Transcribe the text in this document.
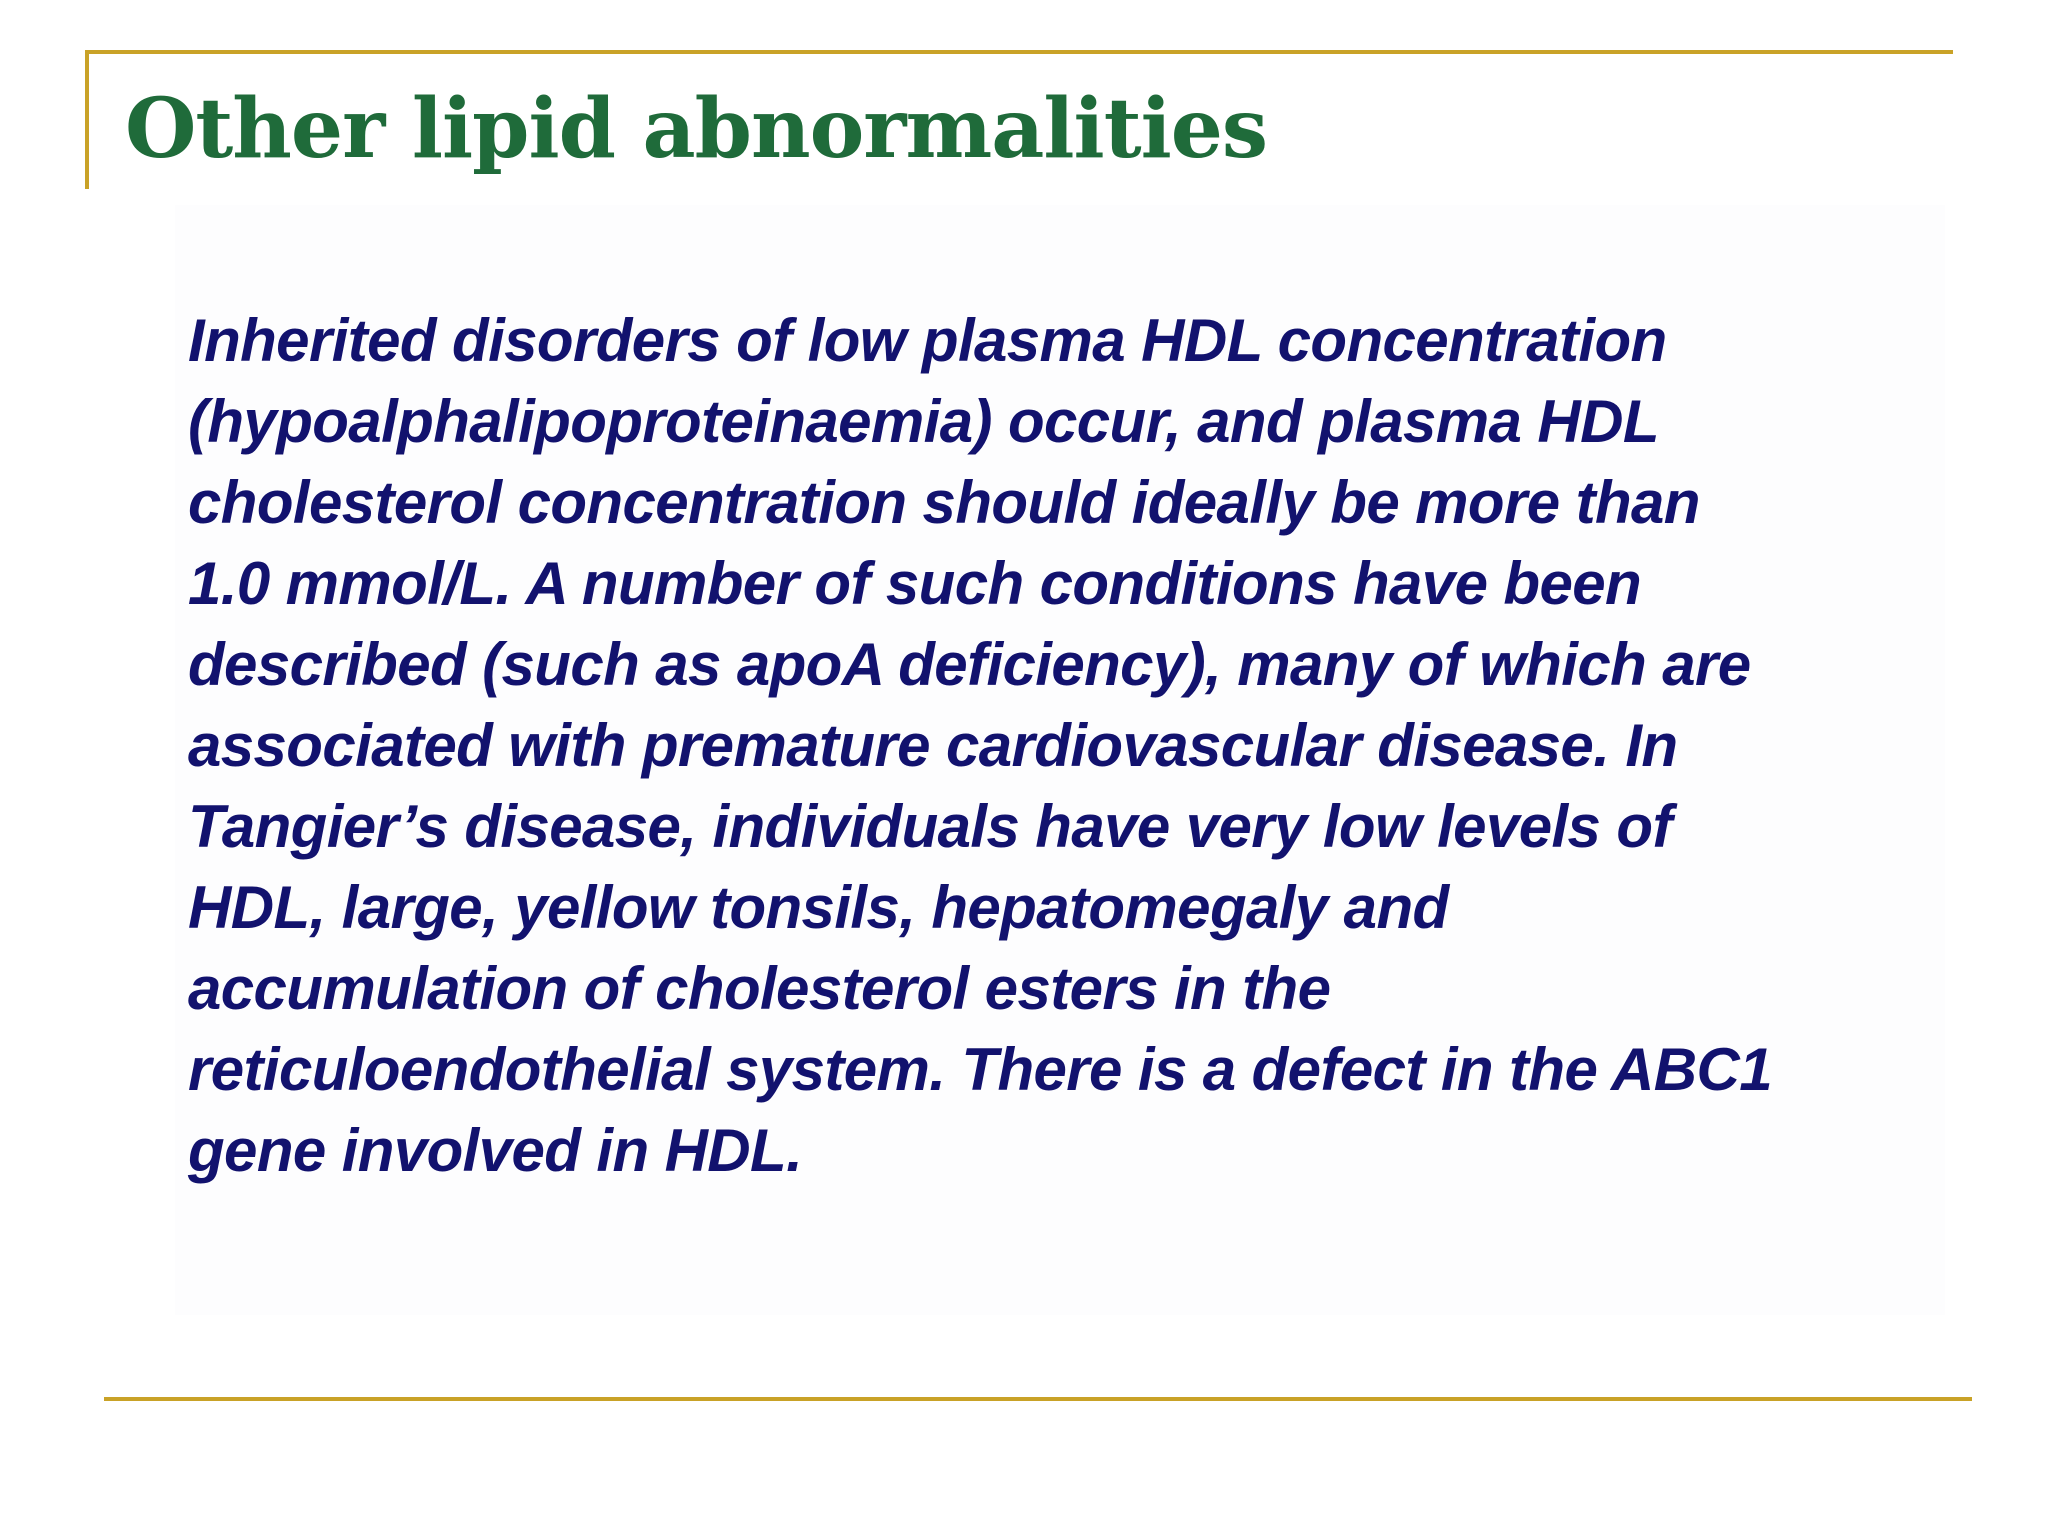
Other lipid abnormalities

Inherited disorders of low plasma HDL concentration
(hypoalphalipoproteinaemia) occur, and plasma HDL
cholesterol concentration should ideally be more than
1.0 mmol/L. A number of such conditions have been
described (such as apoA deficiency), many of which are
associated with premature cardiovascular disease. In
Tangier’s disease, individuals have very low levels of
HDL, large, yellow tonsils, hepatomegaly and
accumulation of cholesterol esters in the
reticuloendothelial system. There is a defect in the ABC1
gene involved in HDL.
